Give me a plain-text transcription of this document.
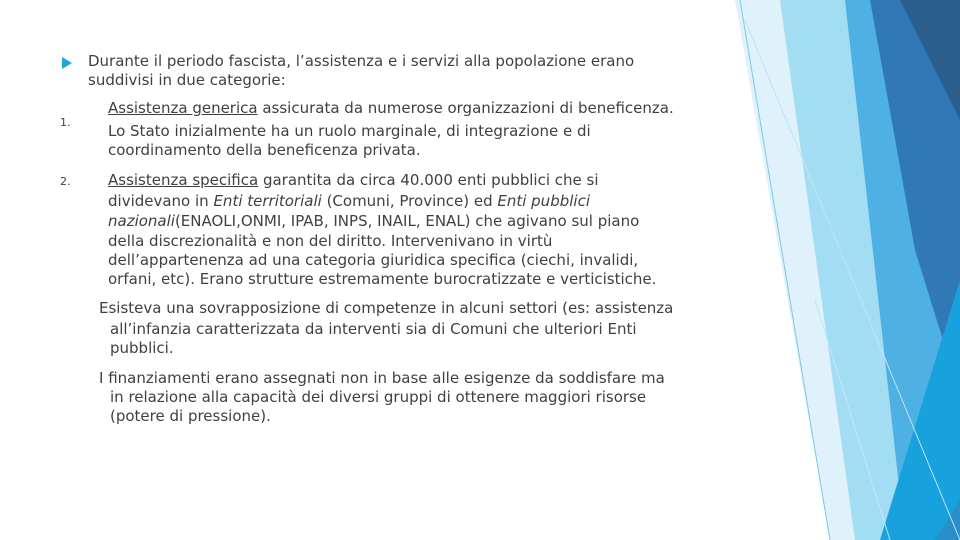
Durante il periodo fascista, l’assistenza e i servizi alla popolazione erano
suddivisi in due categorie:
1.
Assistenza generica assicurata da numerose organizzazioni di beneficenza.
Lo Stato inizialmente ha un ruolo marginale, di integrazione e di
coordinamento della beneficenza privata.
2.	Assistenza specifica garantita da circa 40.000 enti pubblici che si
dividevano in Enti territoriali (Comuni, Province) ed Enti pubblici
nazionali(ENAOLI,ONMI, IPAB, INPS, INAIL, ENAL) che agivano sul piano
della discrezionalità e non del diritto. Intervenivano in virtù
dell’appartenenza ad una categoria giuridica specifica (ciechi, invalidi,
orfani, etc). Erano strutture estremamente burocratizzate e verticistiche.
Esisteva una sovrapposizione di competenze in alcuni settori (es: assistenza
all’infanzia caratterizzata da interventi sia di Comuni che ulteriori Enti
pubblici.
I finanziamenti erano assegnati non in base alle esigenze da soddisfare ma
in relazione alla capacità dei diversi gruppi di ottenere maggiori risorse
(potere di pressione).
